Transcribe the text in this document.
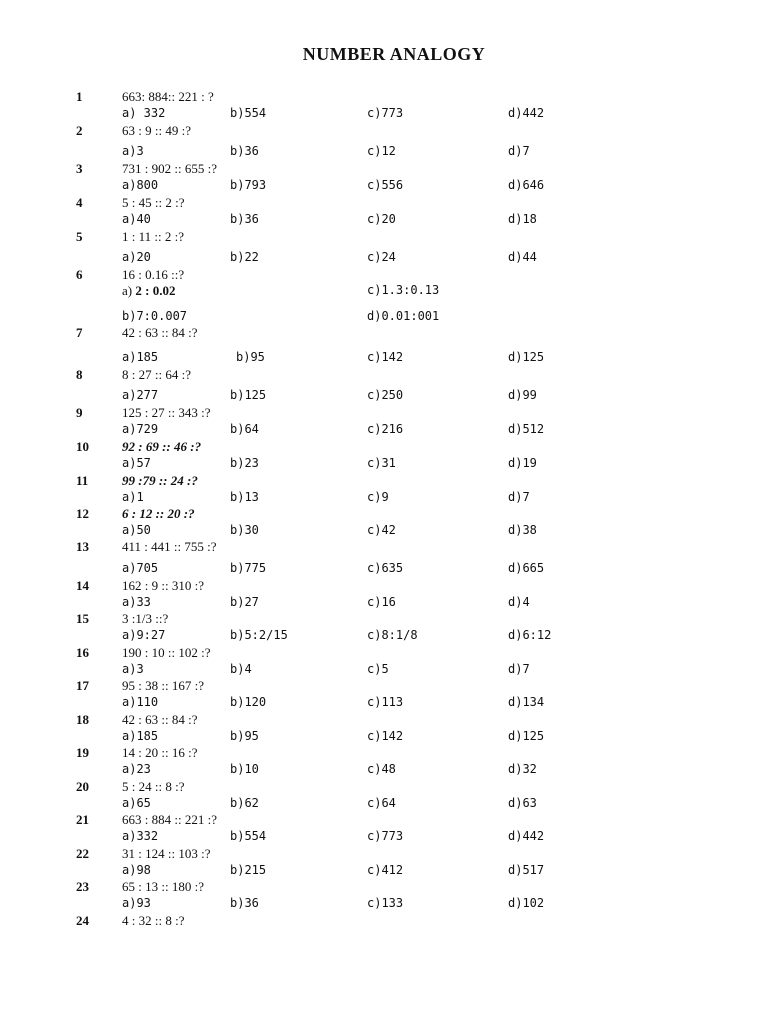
NUMBER ANALOGY
1	663: 884:: 221 : ?
a) 332	b)554	c)773	d)442
2	63 : 9 :: 49 :?
a)3	b)36	c)12	d)7
3	731 : 902 :: 655 :?
a)800	b)793	c)556	d)646
4	5 : 45 :: 2 :?
a)40	b)36	c)20	d)18
5	1 : 11 :: 2 :?
a)20	b)22	c)24	d)44
6	16 : 0.16 ::?
a) 2 : 0.02	c)1.3:0.13
b)7:0.007	d)0.01:001
7	42 : 63 :: 84 :?
a)185	b)95	c)142	d)125
8	8 : 27 :: 64 :?
a)277	b)125	c)250	d)99
9	125 : 27 :: 343 :?
a)729	b)64	c)216	d)512
10	92 : 69 :: 46 :?
a)57	b)23	c)31	d)19
11	99 :79 :: 24 :?
a)1	b)13	c)9	d)7
12	6 : 12 :: 20 :?
a)50	b)30	c)42	d)38
13	411 : 441 :: 755 :?
a)705	b)775	c)635	d)665
14	162 : 9 :: 310 :?
a)33	b)27	c)16	d)4
15	3 :1/3 ::?
a)9:27	b)5:2/15	c)8:1/8	d)6:12
16	190 : 10 :: 102 :?
a)3	b)4	c)5	d)7
17	95 : 38 :: 167 :?
a)110	b)120	c)113	d)134
18	42 : 63 :: 84 :?
a)185	b)95	c)142	d)125
19	14 : 20 :: 16 :?
a)23	b)10	c)48	d)32
20	5 : 24 :: 8 :?
a)65	b)62	c)64	d)63
21	663 : 884 :: 221 :?
a)332	b)554	c)773	d)442
22	31 : 124 :: 103 :?
a)98	b)215	c)412	d)517
23	65 : 13 :: 180 :?
a)93	b)36	c)133	d)102
24	4 : 32 :: 8 :?
